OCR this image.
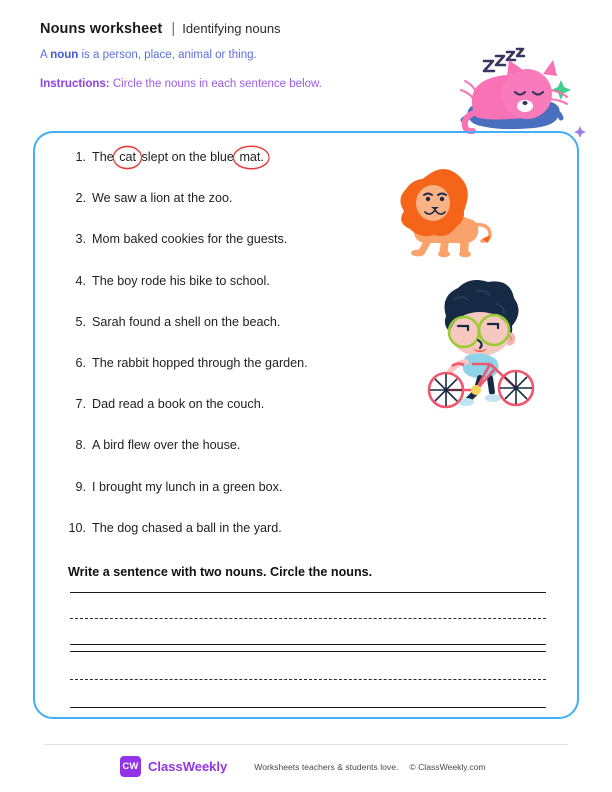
Nouns worksheet | Identifying nouns
A noun is a person, place, animal or thing.
Instructions: Circle the nouns in each sentence below.
1. The cat
slept on the blue mat.
2. We saw a lion at the zoo.
3. Mom baked cookies for the guests.
4. The boy rode his bike to school.
5. Sarah found a shell on the beach.
6. The rabbit hopped through the garden.
7. Dad read a book on the couch.
8. A bird flew over the house.
9. I brought my lunch in a green box.
10. The dog chased a ball in the yard.
Write a sentence with two nouns. Circle the nouns.
CW ClassWeekly	Worksheets teachers & students love. © ClassWeekly.com
